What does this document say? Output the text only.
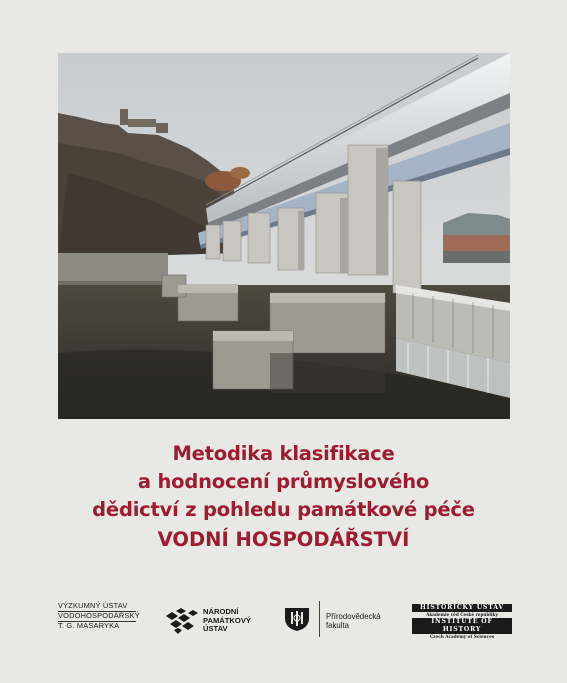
Metodika klasifikace
a hodnocení průmyslového
dědictví z pohledu památkové péče
VODNÍ HOSPODÁŘSTVÍ
VÝZKUMNÝ ÚSTAV
VODOHOSPODÁŘSKÝ
T. G. MASARYKA
NÁRODNÍ
PAMÁTKOVÝ
ÚSTAV
Přírodovědecká
fakulta
HISTORICKÝ ÚSTAV
Akademie věd České republiky
INSTITUTE OF HISTORY
Czech Academy of Sciences
